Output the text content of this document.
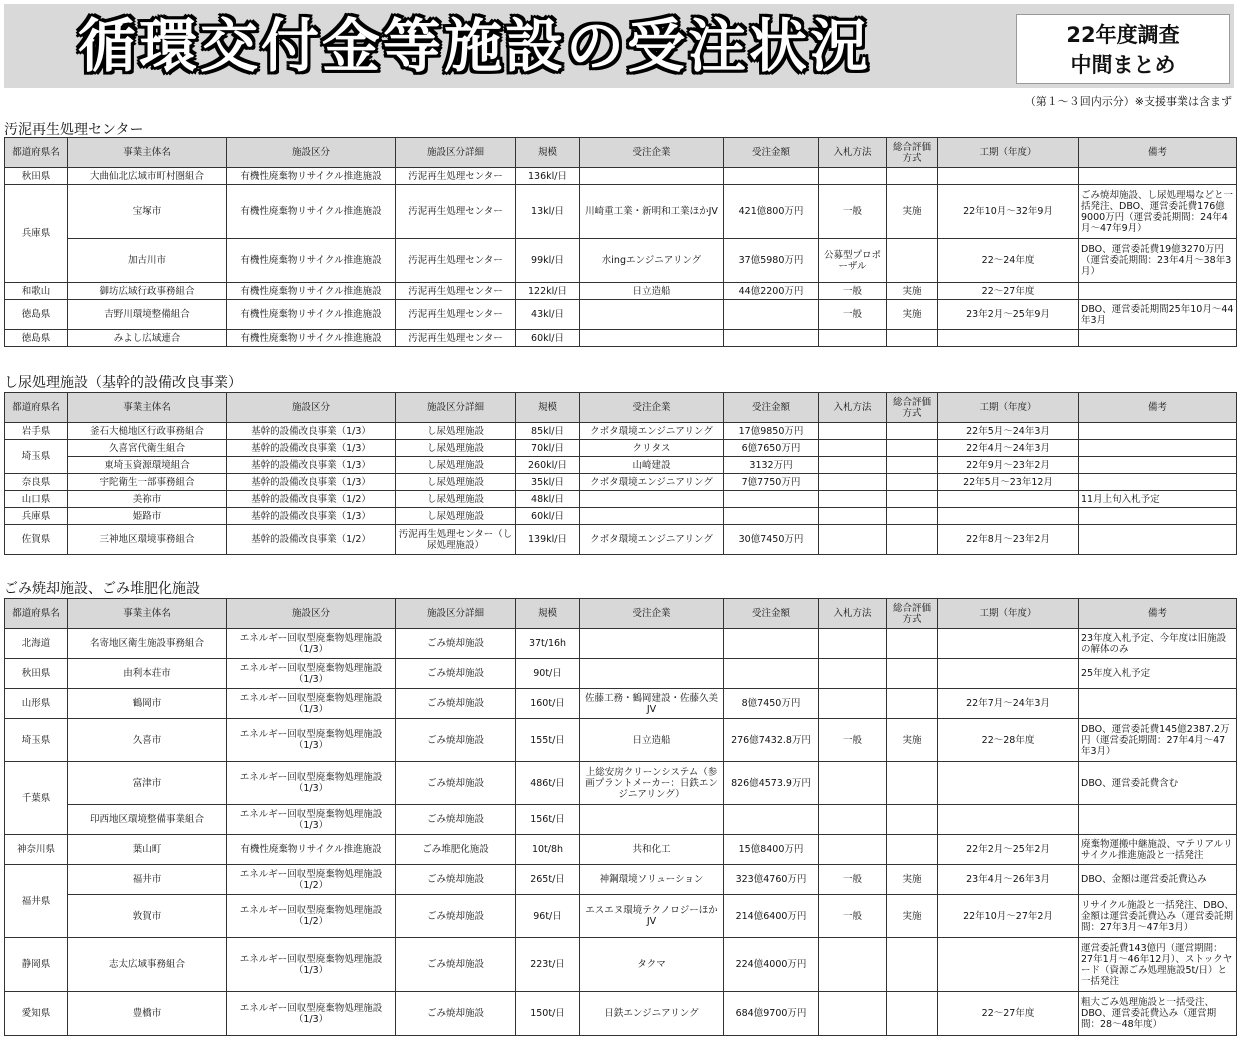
循環交付金等施設の受注状況	22年度調査
中間まとめ
（第１〜３回内示分）※支援事業は含まず
汚泥再生処理センター
都道府県名	事業主体名	施設区分	施設区分詳細	規模	受注企業	受注金額	入札方法	総合評価方式	工期（年度）	備考
秋田県	大曲仙北広域市町村圏組合	有機性廃棄物リサイクル推進施設	汚泥再生処理センター	136kl/日						
兵庫県	宝塚市	有機性廃棄物リサイクル推進施設	汚泥再生処理センター	13kl/日	川崎重工業・新明和工業ほかJV	421億800万円	一般	実施	22年10月〜32年9月	ごみ焼却施設、し尿処理場などと一括発注、DBO、運営委託費176億9000万円（運営委託期間：24年4月〜47年9月）
	加古川市	有機性廃棄物リサイクル推進施設	汚泥再生処理センター	99kl/日	水ingエンジニアリング	37億5980万円	公募型プロポーザル		22〜24年度	DBO、運営委託費19億3270万円（運営委託期間：23年4月〜38年3月）
和歌山	御坊広域行政事務組合	有機性廃棄物リサイクル推進施設	汚泥再生処理センター	122kl/日	日立造船	44億2200万円	一般	実施	22〜27年度	
徳島県	吉野川環境整備組合	有機性廃棄物リサイクル推進施設	汚泥再生処理センター	43kl/日			一般	実施	23年2月〜25年9月	DBO、運営委託期間25年10月〜44年3月
徳島県	みよし広域連合	有機性廃棄物リサイクル推進施設	汚泥再生処理センター	60kl/日						
し尿処理施設（基幹的設備改良事業）
都道府県名	事業主体名	施設区分	施設区分詳細	規模	受注企業	受注金額	入札方法	総合評価方式	工期（年度）	備考
岩手県	釜石大槌地区行政事務組合	基幹的設備改良事業（1/3）	し尿処理施設	85kl/日	クボタ環境エンジニアリング	17億9850万円			22年5月〜24年3月	
埼玉県	久喜宮代衛生組合	基幹的設備改良事業（1/3）	し尿処理施設	70kl/日	クリタス	6億7650万円			22年4月〜24年3月	
	東埼玉資源環境組合	基幹的設備改良事業（1/3）	し尿処理施設	260kl/日	山崎建設	3132万円			22年9月〜23年2月	
奈良県	宇陀衛生一部事務組合	基幹的設備改良事業（1/3）	し尿処理施設	35kl/日	クボタ環境エンジニアリング	7億7750万円			22年5月〜23年12月	
山口県	美祢市	基幹的設備改良事業（1/2）	し尿処理施設	48kl/日						11月上旬入札予定
兵庫県	姫路市	基幹的設備改良事業（1/3）	し尿処理施設	60kl/日						
佐賀県	三神地区環境事務組合	基幹的設備改良事業（1/2）	汚泥再生処理センター（し尿処理施設）	139kl/日	クボタ環境エンジニアリング	30億7450万円			22年8月〜23年2月	
ごみ焼却施設、ごみ堆肥化施設
都道府県名	事業主体名	施設区分	施設区分詳細	規模	受注企業	受注金額	入札方法	総合評価方式	工期（年度）	備考
北海道	名寄地区衛生施設事務組合	エネルギー回収型廃棄物処理施設（1/3）	ごみ焼却施設	37t/16h						23年度入札予定、今年度は旧施設の解体のみ
秋田県	由利本荘市	エネルギー回収型廃棄物処理施設（1/3）	ごみ焼却施設	90t/日						25年度入札予定
山形県	鶴岡市	エネルギー回収型廃棄物処理施設（1/3）	ごみ焼却施設	160t/日	佐藤工務・鶴岡建設・佐藤久美JV	8億7450万円			22年7月〜24年3月	
埼玉県	久喜市	エネルギー回収型廃棄物処理施設（1/3）	ごみ焼却施設	155t/日	日立造船	276億7432.8万円	一般	実施	22〜28年度	DBO、運営委託費145億2387.2万円（運営委託期間：27年4月〜47年3月）
千葉県	富津市	エネルギー回収型廃棄物処理施設（1/3）	ごみ焼却施設	486t/日	上総安房クリーンシステム（参画プラントメーカー：日鉄エンジニアリング）	826億4573.9万円				DBO、運営委託費含む
	印西地区環境整備事業組合	エネルギー回収型廃棄物処理施設（1/3）	ごみ焼却施設	156t/日						
神奈川県	葉山町	有機性廃棄物リサイクル推進施設	ごみ堆肥化施設	10t/8h	共和化工	15億8400万円			22年2月〜25年2月	廃棄物運搬中継施設、マテリアルリサイクル推進施設と一括発注
福井県	福井市	エネルギー回収型廃棄物処理施設（1/2）	ごみ焼却施設	265t/日	神鋼環境ソリューション	323億4760万円	一般	実施	23年4月〜26年3月	DBO、金額は運営委託費込み
	敦賀市	エネルギー回収型廃棄物処理施設（1/2）	ごみ焼却施設	96t/日	エスエヌ環境テクノロジーほかJV	214億6400万円	一般	実施	22年10月〜27年2月	リサイクル施設と一括発注、DBO、金額は運営委託費込み（運営委託期間：27年3月〜47年3月）
静岡県	志太広域事務組合	エネルギー回収型廃棄物処理施設（1/3）	ごみ焼却施設	223t/日	タクマ	224億4000万円				運営委託費143億円（運営期間：27年1月〜46年12月）、ストックヤード（資源ごみ処理施設5t/日）と一括発注
愛知県	豊橋市	エネルギー回収型廃棄物処理施設（1/3）	ごみ焼却施設	150t/日	日鉄エンジニアリング	684億9700万円			22〜27年度	粗大ごみ処理施設と一括受注、DBO、運営委託費込み（運営期間：28〜48年度）
